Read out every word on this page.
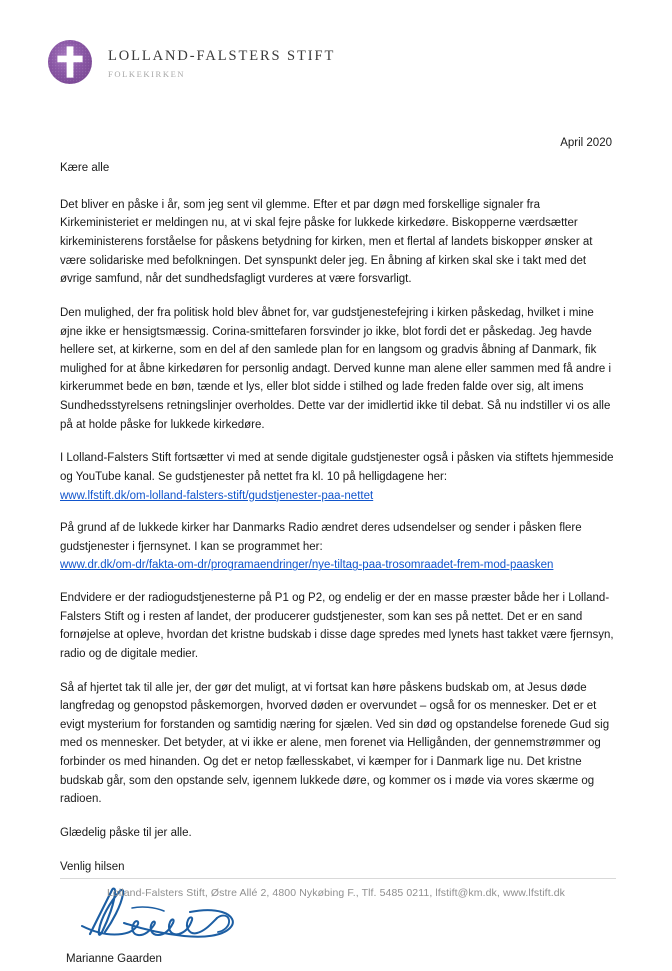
LOLLAND-FALSTERS STIFT
FOLKEKIRKEN
April 2020
Kære alle

Det bliver en påske i år, som jeg sent vil glemme. Efter et par døgn med forskellige signaler fra Kirkeministeriet er meldingen nu, at vi skal fejre påske for lukkede kirkedøre. Biskopperne værdsætter kirkeministerens forståelse for påskens betydning for kirken, men et flertal af landets biskopper ønsker at være solidariske med befolkningen. Det synspunkt deler jeg. En åbning af kirken skal ske i takt med det øvrige samfund, når det sundhedsfagligt vurderes at være forsvarligt.

Den mulighed, der fra politisk hold blev åbnet for, var gudstjenestefejring i kirken påskedag, hvilket i mine øjne ikke er hensigtsmæssig. Corina-smittefaren forsvinder jo ikke, blot fordi det er påskedag. Jeg havde hellere set, at kirkerne, som en del af den samlede plan for en langsom og gradvis åbning af Danmark, fik mulighed for at åbne kirkedøren for personlig andagt. Derved kunne man alene eller sammen med få andre i kirkerummet bede en bøn, tænde et lys, eller blot sidde i stilhed og lade freden falde over sig, alt imens Sundhedsstyrelsens retningslinjer overholdes. Dette var der imidlertid ikke til debat. Så nu indstiller vi os alle på at holde påske for lukkede kirkedøre.

I Lolland-Falsters Stift fortsætter vi med at sende digitale gudstjenester også i påsken via stiftets hjemmeside og YouTube kanal. Se gudstjenester på nettet fra kl. 10 på helligdagene her:
www.lfstift.dk/om-lolland-falsters-stift/gudstjenester-paa-nettet

På grund af de lukkede kirker har Danmarks Radio ændret deres udsendelser og sender i påsken flere gudstjenester i fjernsynet. I kan se programmet her:
www.dr.dk/om-dr/fakta-om-dr/programaendringer/nye-tiltag-paa-trosomraadet-frem-mod-paasken

Endvidere er der radiogudstjenesterne på P1 og P2, og endelig er der en masse præster både her i Lolland-Falsters Stift og i resten af landet, der producerer gudstjenester, som kan ses på nettet. Det er en sand fornøjelse at opleve, hvordan det kristne budskab i disse dage spredes med lynets hast takket være fjernsyn, radio og de digitale medier.

Så af hjertet tak til alle jer, der gør det muligt, at vi fortsat kan høre påskens budskab om, at Jesus døde langfredag og genopstod påskemorgen, hvorved døden er overvundet – også for os mennesker. Det er et evigt mysterium for forstanden og samtidig næring for sjælen. Ved sin død og opstandelse forenede Gud sig med os mennesker. Det betyder, at vi ikke er alene, men forenet via Helligånden, der gennemstrømmer og forbinder os med hinanden. Og det er netop fællesskabet, vi kæmper for i Danmark lige nu. Det kristne budskab går, som den opstande selv, igennem lukkede døre, og kommer os i møde via vores skærme og radioen.

Glædelig påske til jer alle.
Venlig hilsen
Marianne Gaarden
Lolland-Falsters Stift, Østre Allé 2, 4800 Nykøbing F., Tlf. 5485 0211, lfstift@km.dk, www.lfstift.dk
